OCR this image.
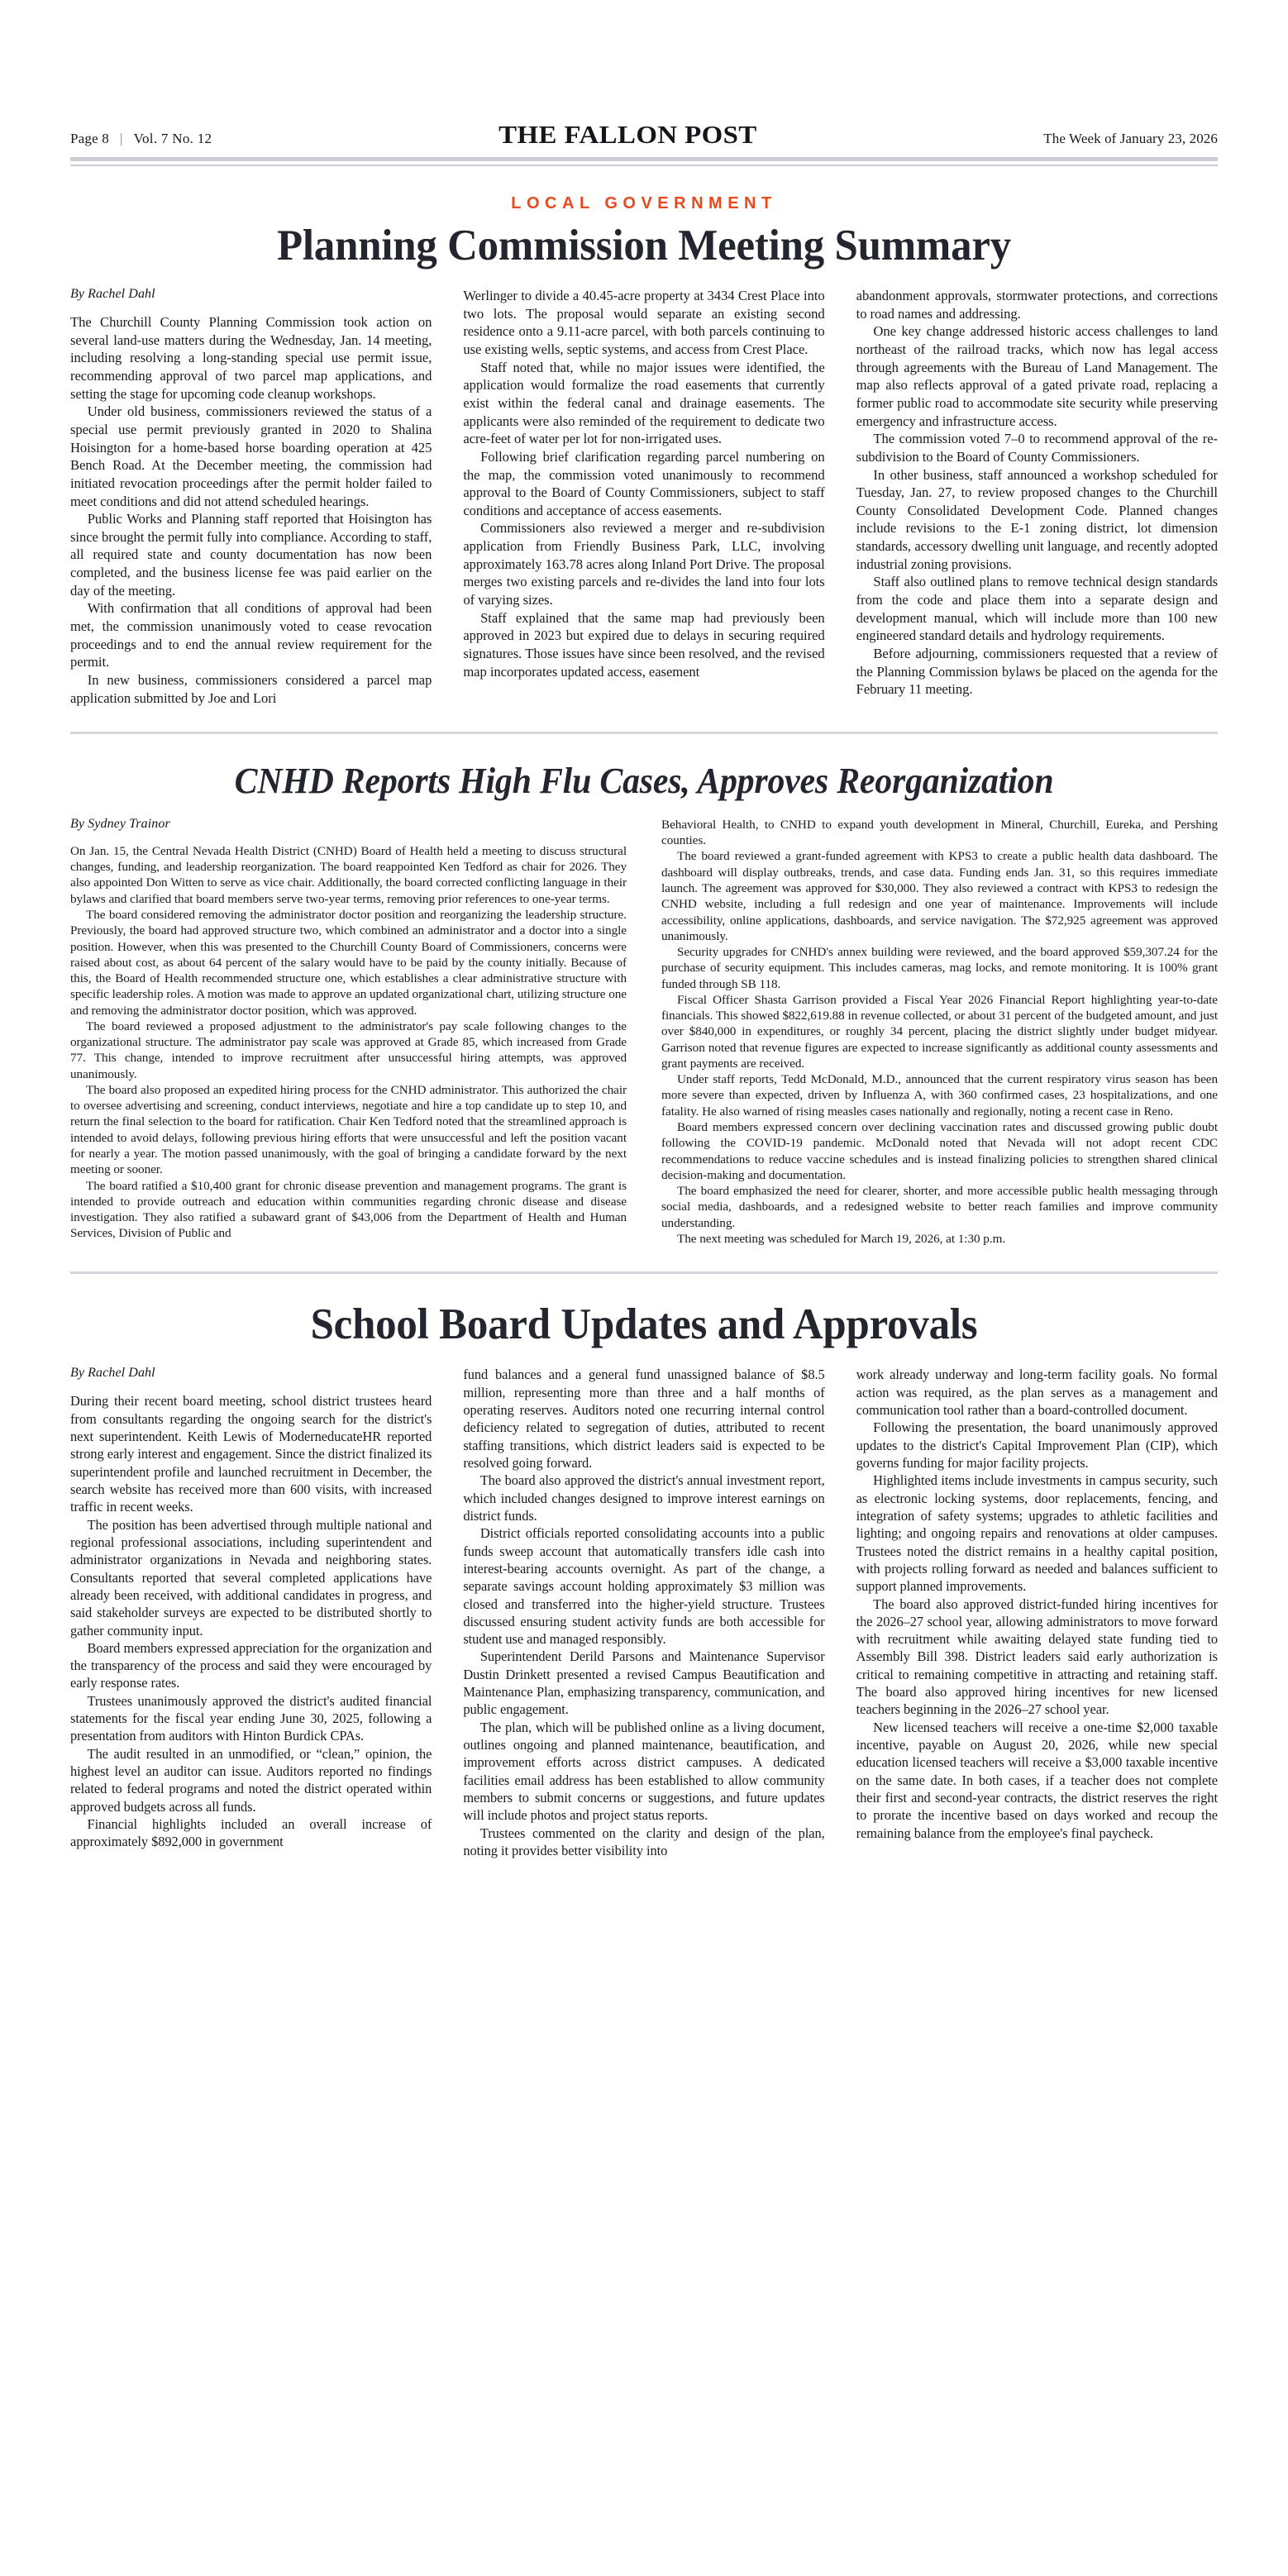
Page 8 | Vol. 7 No. 12	THE FALLON POST	The Week of January 23, 2026
LOCAL GOVERNMENT
Planning Commission Meeting Summary
By Rachel Dahl

The Churchill County Planning Commission took action on several land-use matters during the Wednesday, Jan. 14 meeting, including resolving a long-standing special use permit issue, recommending approval of two parcel map applications, and setting the stage for upcoming code cleanup workshops.

Under old business, commissioners reviewed the status of a special use permit previously granted in 2020 to Shalina Hoisington for a home-based horse boarding operation at 425 Bench Road. At the December meeting, the commission had initiated revocation proceedings after the permit holder failed to meet conditions and did not attend scheduled hearings.

Public Works and Planning staff reported that Hoisington has since brought the permit fully into compliance. According to staff, all required state and county documentation has now been completed, and the business license fee was paid earlier on the day of the meeting.

With confirmation that all conditions of approval had been met, the commission unanimously voted to cease revocation proceedings and to end the annual review requirement for the permit.

In new business, commissioners considered a parcel map application submitted by Joe and Lori

Werlinger to divide a 40.45-acre property at 3434 Crest Place into two lots. The proposal would separate an existing second residence onto a 9.11-acre parcel, with both parcels continuing to use existing wells, septic systems, and access from Crest Place.

Staff noted that, while no major issues were identified, the application would formalize the road easements that currently exist within the federal canal and drainage easements. The applicants were also reminded of the requirement to dedicate two acre-feet of water per lot for non-irrigated uses.

Following brief clarification regarding parcel numbering on the map, the commission voted unanimously to recommend approval to the Board of County Commissioners, subject to staff conditions and acceptance of access easements.

Commissioners also reviewed a merger and re-subdivision application from Friendly Business Park, LLC, involving approximately 163.78 acres along Inland Port Drive. The proposal merges two existing parcels and re-divides the land into four lots of varying sizes.

Staff explained that the same map had previously been approved in 2023 but expired due to delays in securing required signatures. Those issues have since been resolved, and the revised map incorporates updated access, easement

abandonment approvals, stormwater protections, and corrections to road names and addressing.

One key change addressed historic access challenges to land northeast of the railroad tracks, which now has legal access through agreements with the Bureau of Land Management. The map also reflects approval of a gated private road, replacing a former public road to accommodate site security while preserving emergency and infrastructure access.

The commission voted 7–0 to recommend approval of the re-subdivision to the Board of County Commissioners.

In other business, staff announced a workshop scheduled for Tuesday, Jan. 27, to review proposed changes to the Churchill County Consolidated Development Code. Planned changes include revisions to the E-1 zoning district, lot dimension standards, accessory dwelling unit language, and recently adopted industrial zoning provisions.

Staff also outlined plans to remove technical design standards from the code and place them into a separate design and development manual, which will include more than 100 new engineered standard details and hydrology requirements.

Before adjourning, commissioners requested that a review of the Planning Commission bylaws be placed on the agenda for the February 11 meeting.

CNHD Reports High Flu Cases, Approves Reorganization
By Sydney Trainor

On Jan. 15, the Central Nevada Health District (CNHD) Board of Health held a meeting to discuss structural changes, funding, and leadership reorganization. The board reappointed Ken Tedford as chair for 2026. They also appointed Don Witten to serve as vice chair. Additionally, the board corrected conflicting language in their bylaws and clarified that board members serve two-year terms, removing prior references to one-year terms.

The board considered removing the administrator doctor position and reorganizing the leadership structure. Previously, the board had approved structure two, which combined an administrator and a doctor into a single position. However, when this was presented to the Churchill County Board of Commissioners, concerns were raised about cost, as about 64 percent of the salary would have to be paid by the county initially. Because of this, the Board of Health recommended structure one, which establishes a clear administrative structure with specific leadership roles. A motion was made to approve an updated organizational chart, utilizing structure one and removing the administrator doctor position, which was approved.

The board reviewed a proposed adjustment to the administrator's pay scale following changes to the organizational structure. The administrator pay scale was approved at Grade 85, which increased from Grade 77. This change, intended to improve recruitment after unsuccessful hiring attempts, was approved unanimously.

The board also proposed an expedited hiring process for the CNHD administrator. This authorized the chair to oversee advertising and screening, conduct interviews, negotiate and hire a top candidate up to step 10, and return the final selection to the board for ratification. Chair Ken Tedford noted that the streamlined approach is intended to avoid delays, following previous hiring efforts that were unsuccessful and left the position vacant for nearly a year. The motion passed unanimously, with the goal of bringing a candidate forward by the next meeting or sooner.

The board ratified a $10,400 grant for chronic disease prevention and management programs. The grant is intended to provide outreach and education within communities regarding chronic disease and disease investigation. They also ratified a subaward grant of $43,006 from the Department of Health and Human Services, Division of Public and

Behavioral Health, to CNHD to expand youth development in Mineral, Churchill, Eureka, and Pershing counties.

The board reviewed a grant-funded agreement with KPS3 to create a public health data dashboard. The dashboard will display outbreaks, trends, and case data. Funding ends Jan. 31, so this requires immediate launch. The agreement was approved for $30,000. They also reviewed a contract with KPS3 to redesign the CNHD website, including a full redesign and one year of maintenance. Improvements will include accessibility, online applications, dashboards, and service navigation. The $72,925 agreement was approved unanimously.

Security upgrades for CNHD's annex building were reviewed, and the board approved $59,307.24 for the purchase of security equipment. This includes cameras, mag locks, and remote monitoring. It is 100% grant funded through SB 118.

Fiscal Officer Shasta Garrison provided a Fiscal Year 2026 Financial Report highlighting year-to-date financials. This showed $822,619.88 in revenue collected, or about 31 percent of the budgeted amount, and just over $840,000 in expenditures, or roughly 34 percent, placing the district slightly under budget midyear. Garrison noted that revenue figures are expected to increase significantly as additional county assessments and grant payments are received.

Under staff reports, Tedd McDonald, M.D., announced that the current respiratory virus season has been more severe than expected, driven by Influenza A, with 360 confirmed cases, 23 hospitalizations, and one fatality. He also warned of rising measles cases nationally and regionally, noting a recent case in Reno.

Board members expressed concern over declining vaccination rates and discussed growing public doubt following the COVID-19 pandemic. McDonald noted that Nevada will not adopt recent CDC recommendations to reduce vaccine schedules and is instead finalizing policies to strengthen shared clinical decision-making and documentation.

The board emphasized the need for clearer, shorter, and more accessible public health messaging through social media, dashboards, and a redesigned website to better reach families and improve community understanding.

The next meeting was scheduled for March 19, 2026, at 1:30 p.m.

School Board Updates and Approvals
By Rachel Dahl

During their recent board meeting, school district trustees heard from consultants regarding the ongoing search for the district's next superintendent. Keith Lewis of ModerneducateHR reported strong early interest and engagement. Since the district finalized its superintendent profile and launched recruitment in December, the search website has received more than 600 visits, with increased traffic in recent weeks.

The position has been advertised through multiple national and regional professional associations, including superintendent and administrator organizations in Nevada and neighboring states. Consultants reported that several completed applications have already been received, with additional candidates in progress, and said stakeholder surveys are expected to be distributed shortly to gather community input.

Board members expressed appreciation for the organization and the transparency of the process and said they were encouraged by early response rates.

Trustees unanimously approved the district's audited financial statements for the fiscal year ending June 30, 2025, following a presentation from auditors with Hinton Burdick CPAs.

The audit resulted in an unmodified, or “clean,” opinion, the highest level an auditor can issue. Auditors reported no findings related to federal programs and noted the district operated within approved budgets across all funds.

Financial highlights included an overall increase of approximately $892,000 in government

fund balances and a general fund unassigned balance of $8.5 million, representing more than three and a half months of operating reserves. Auditors noted one recurring internal control deficiency related to segregation of duties, attributed to recent staffing transitions, which district leaders said is expected to be resolved going forward.

The board also approved the district's annual investment report, which included changes designed to improve interest earnings on district funds.

District officials reported consolidating accounts into a public funds sweep account that automatically transfers idle cash into interest-bearing accounts overnight. As part of the change, a separate savings account holding approximately $3 million was closed and transferred into the higher-yield structure. Trustees discussed ensuring student activity funds are both accessible for student use and managed responsibly.

Superintendent Derild Parsons and Maintenance Supervisor Dustin Drinkett presented a revised Campus Beautification and Maintenance Plan, emphasizing transparency, communication, and public engagement.

The plan, which will be published online as a living document, outlines ongoing and planned maintenance, beautification, and improvement efforts across district campuses. A dedicated facilities email address has been established to allow community members to submit concerns or suggestions, and future updates will include photos and project status reports.

Trustees commented on the clarity and design of the plan, noting it provides better visibility into

work already underway and long-term facility goals. No formal action was required, as the plan serves as a management and communication tool rather than a board-controlled document.

Following the presentation, the board unanimously approved updates to the district's Capital Improvement Plan (CIP), which governs funding for major facility projects.

Highlighted items include investments in campus security, such as electronic locking systems, door replacements, fencing, and integration of safety systems; upgrades to athletic facilities and lighting; and ongoing repairs and renovations at older campuses. Trustees noted the district remains in a healthy capital position, with projects rolling forward as needed and balances sufficient to support planned improvements.

The board also approved district-funded hiring incentives for the 2026–27 school year, allowing administrators to move forward with recruitment while awaiting delayed state funding tied to Assembly Bill 398. District leaders said early authorization is critical to remaining competitive in attracting and retaining staff. The board also approved hiring incentives for new licensed teachers beginning in the 2026–27 school year.

New licensed teachers will receive a one-time $2,000 taxable incentive, payable on August 20, 2026, while new special education licensed teachers will receive a $3,000 taxable incentive on the same date. In both cases, if a teacher does not complete their first and second-year contracts, the district reserves the right to prorate the incentive based on days worked and recoup the remaining balance from the employee's final paycheck.
